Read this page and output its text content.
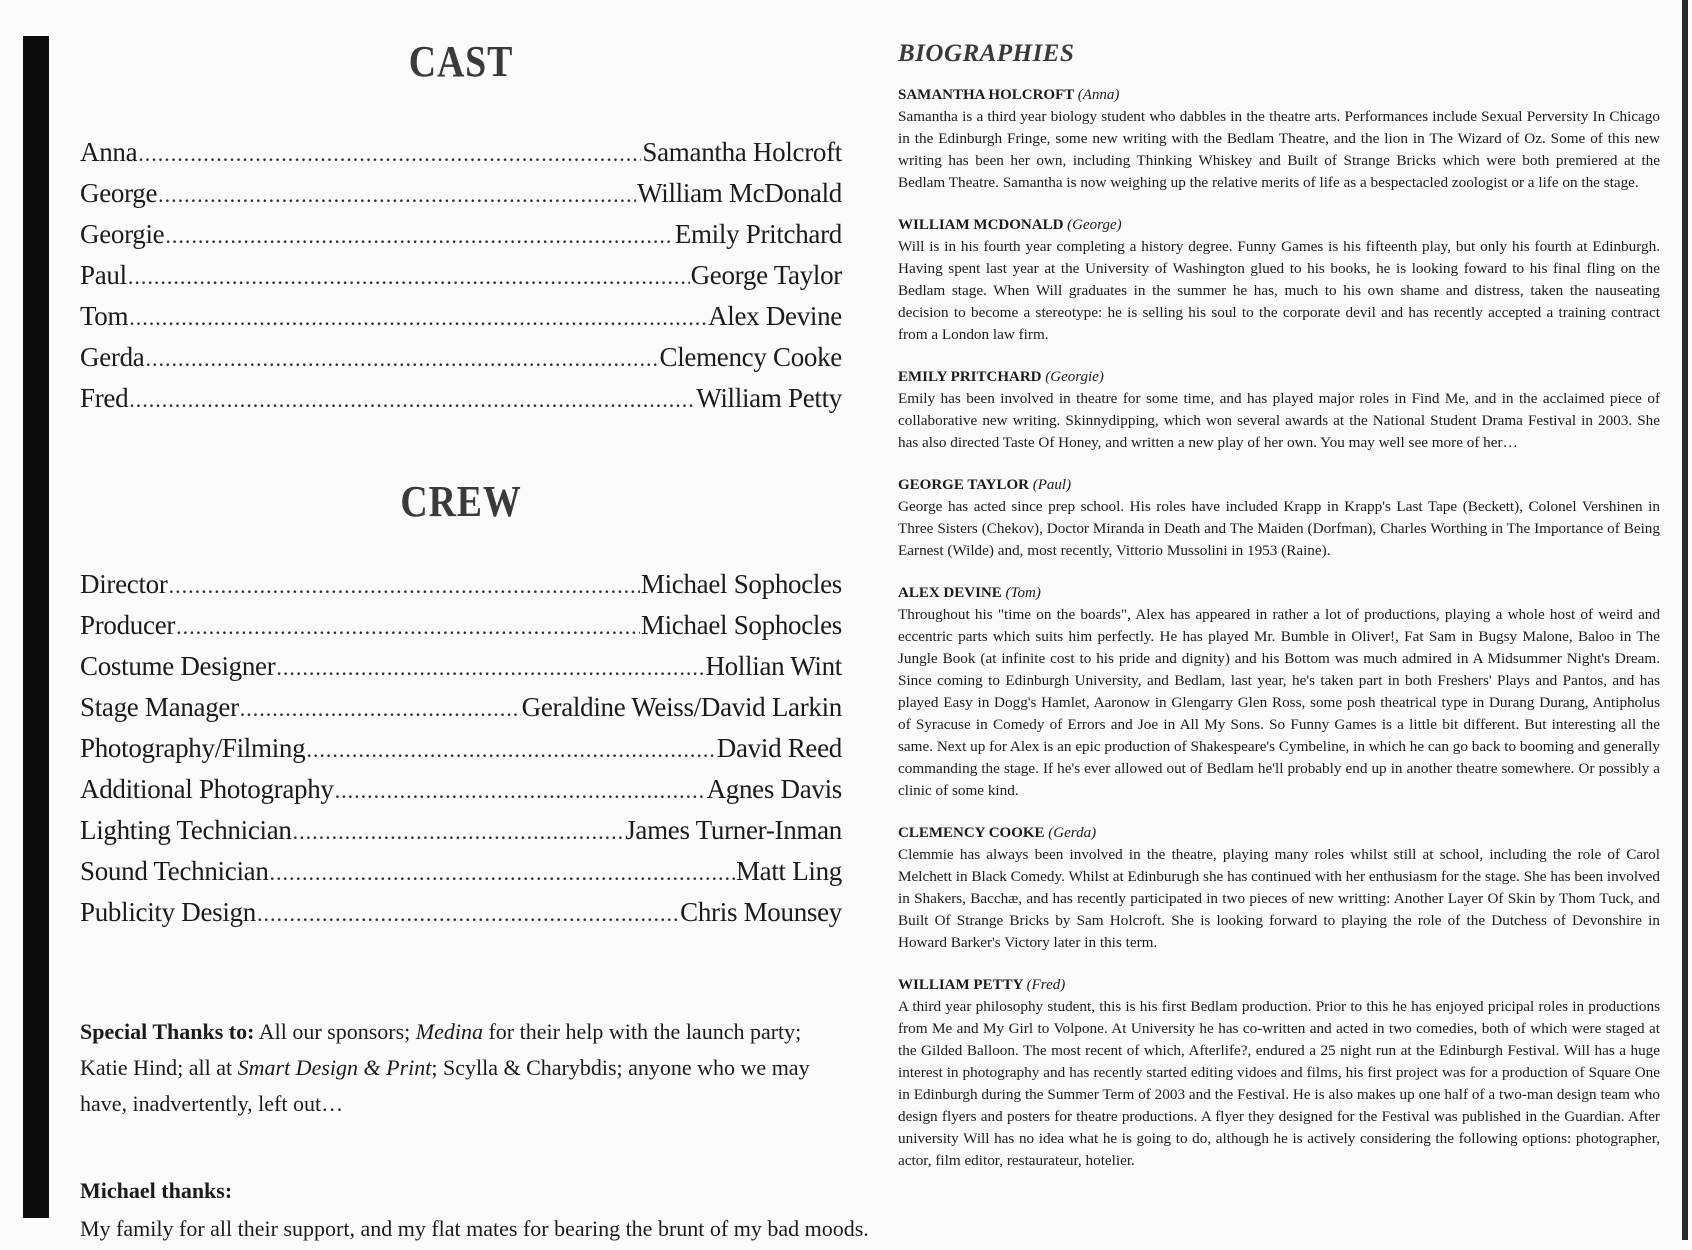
CAST
Anna .....	Samantha Holcroft
George .....	William McDonald
Georgie .....	Emily Pritchard
Paul .....	George Taylor
Tom .....	Alex Devine
Gerda .....	Clemency Cooke
Fred .....	William Petty
CREW
Director .....	Michael Sophocles
Producer .....	Michael Sophocles
Costume Designer .....	Hollian Wint
Stage Manager .....	Geraldine Weiss/David Larkin
Photography/Filming .....	David Reed
Additional Photography .....	Agnes Davis
Lighting Technician .....	James Turner-Inman
Sound Technician .....	Matt Ling
Publicity Design .....	Chris Mounsey
Special Thanks to: All our sponsors; Medina for their help with the launch party; Katie Hind; all at Smart Design & Print; Scylla & Charybdis; anyone who we may have, inadvertently, left out…
Michael thanks:
My family for all their support, and my flat mates for bearing the brunt of my bad moods.
BIOGRAPHIES
SAMANTHA HOLCROFT (Anna)

Samantha is a third year biology student who dabbles in the theatre arts. Performances include Sexual Perversity In Chicago in the Edinburgh Fringe, some new writing with the Bedlam Theatre, and the lion in The Wizard of Oz. Some of this new writing has been her own, including Thinking Whiskey and Built of Strange Bricks which were both premiered at the Bedlam Theatre. Samantha is now weighing up the relative merits of life as a bespectacled zoologist or a life on the stage.

WILLIAM MCDONALD (George)

Will is in his fourth year completing a history degree. Funny Games is his fifteenth play, but only his fourth at Edinburgh. Having spent last year at the University of Washington glued to his books, he is looking foward to his final fling on the Bedlam stage. When Will graduates in the summer he has, much to his own shame and distress, taken the nauseating decision to become a stereotype: he is selling his soul to the corporate devil and has recently accepted a training contract from a London law firm.

EMILY PRITCHARD (Georgie)

Emily has been involved in theatre for some time, and has played major roles in Find Me, and in the acclaimed piece of collaborative new writing. Skinnydipping, which won several awards at the National Student Drama Festival in 2003. She has also directed Taste Of Honey, and written a new play of her own. You may well see more of her…

GEORGE TAYLOR (Paul)

George has acted since prep school. His roles have included Krapp in Krapp's Last Tape (Beckett), Colonel Vershinen in Three Sisters (Chekov), Doctor Miranda in Death and The Maiden (Dorfman), Charles Worthing in The Importance of Being Earnest (Wilde) and, most recently, Vittorio Mussolini in 1953 (Raine).

ALEX DEVINE (Tom)

Throughout his "time on the boards", Alex has appeared in rather a lot of productions, playing a whole host of weird and eccentric parts which suits him perfectly. He has played Mr. Bumble in Oliver!, Fat Sam in Bugsy Malone, Baloo in The Jungle Book (at infinite cost to his pride and dignity) and his Bottom was much admired in A Midsummer Night's Dream. Since coming to Edinburgh University, and Bedlam, last year, he's taken part in both Freshers' Plays and Pantos, and has played Easy in Dogg's Hamlet, Aaronow in Glengarry Glen Ross, some posh theatrical type in Durang Durang, Antipholus of Syracuse in Comedy of Errors and Joe in All My Sons. So Funny Games is a little bit different. But interesting all the same. Next up for Alex is an epic production of Shakespeare's Cymbeline, in which he can go back to booming and generally commanding the stage. If he's ever allowed out of Bedlam he'll probably end up in another theatre somewhere. Or possibly a clinic of some kind.

CLEMENCY COOKE (Gerda)

Clemmie has always been involved in the theatre, playing many roles whilst still at school, including the role of Carol Melchett in Black Comedy. Whilst at Edinburugh she has continued with her enthusiasm for the stage. She has been involved in Shakers, Bacchæ, and has recently participated in two pieces of new writting: Another Layer Of Skin by Thom Tuck, and Built Of Strange Bricks by Sam Holcroft. She is looking forward to playing the role of the Dutchess of Devonshire in Howard Barker's Victory later in this term.

WILLIAM PETTY (Fred)

A third year philosophy student, this is his first Bedlam production. Prior to this he has enjoyed pricipal roles in productions from Me and My Girl to Volpone. At University he has co-written and acted in two comedies, both of which were staged at the Gilded Balloon. The most recent of which, Afterlife?, endured a 25 night run at the Edinburgh Festival. Will has a huge interest in photography and has recently started editing vidoes and films, his first project was for a production of Square One in Edinburgh during the Summer Term of 2003 and the Festival. He is also makes up one half of a two-man design team who design flyers and posters for theatre productions. A flyer they designed for the Festival was published in the Guardian. After university Will has no idea what he is going to do, although he is actively considering the following options: photographer, actor, film editor, restaurateur, hotelier.
